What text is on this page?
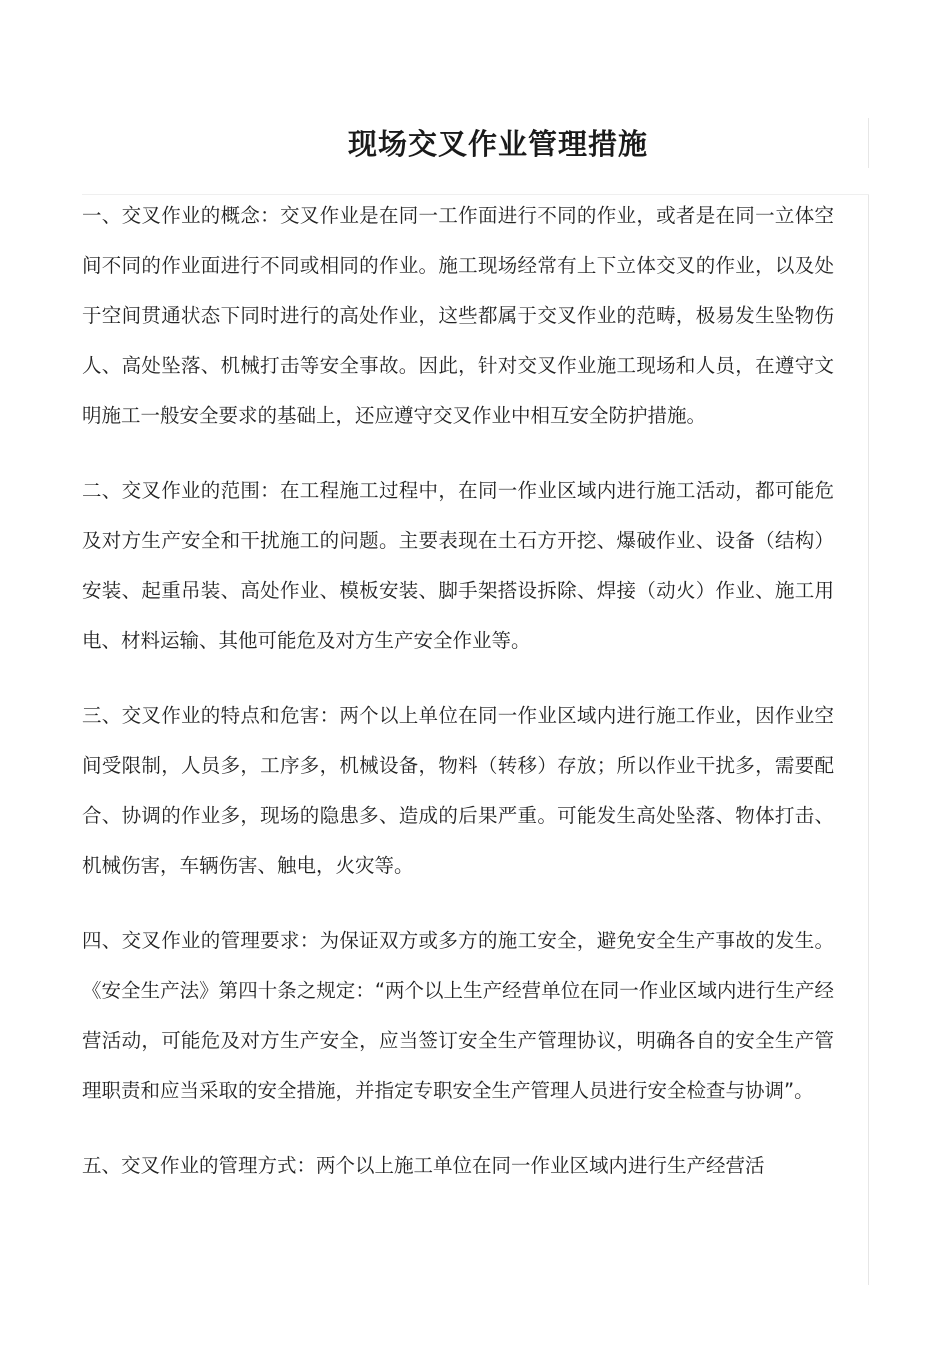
现场交叉作业管理措施

一、交叉作业的概念：交叉作业是在同一工作面进行不同的作业，或者是在同一立体空间不同的作业面进行不同或相同的作业。施工现场经常有上下立体交叉的作业，以及处于空间贯通状态下同时进行的高处作业，这些都属于交叉作业的范畴，极易发生坠物伤人、高处坠落、机械打击等安全事故。因此，针对交叉作业施工现场和人员，在遵守文明施工一般安全要求的基础上，还应遵守交叉作业中相互安全防护措施。

二、交叉作业的范围：在工程施工过程中，在同一作业区域内进行施工活动，都可能危及对方生产安全和干扰施工的问题。主要表现在土石方开挖、爆破作业、设备（结构）安装、起重吊装、高处作业、模板安装、脚手架搭设拆除、焊接（动火）作业、施工用电、材料运输、其他可能危及对方生产安全作业等。

三、交叉作业的特点和危害：两个以上单位在同一作业区域内进行施工作业，因作业空间受限制，人员多，工序多，机械设备，物料（转移）存放；所以作业干扰多，需要配合、协调的作业多，现场的隐患多、造成的后果严重。可能发生高处坠落、物体打击、机械伤害，车辆伤害、触电，火灾等。

四、交叉作业的管理要求：为保证双方或多方的施工安全，避免安全生产事故的发生。《安全生产法》第四十条之规定：“两个以上生产经营单位在同一作业区域内进行生产经营活动，可能危及对方生产安全，应当签订安全生产管理协议，明确各自的安全生产管理职责和应当采取的安全措施，并指定专职安全生产管理人员进行安全检查与协调”。

五、交叉作业的管理方式：两个以上施工单位在同一作业区域内进行生产经营活
